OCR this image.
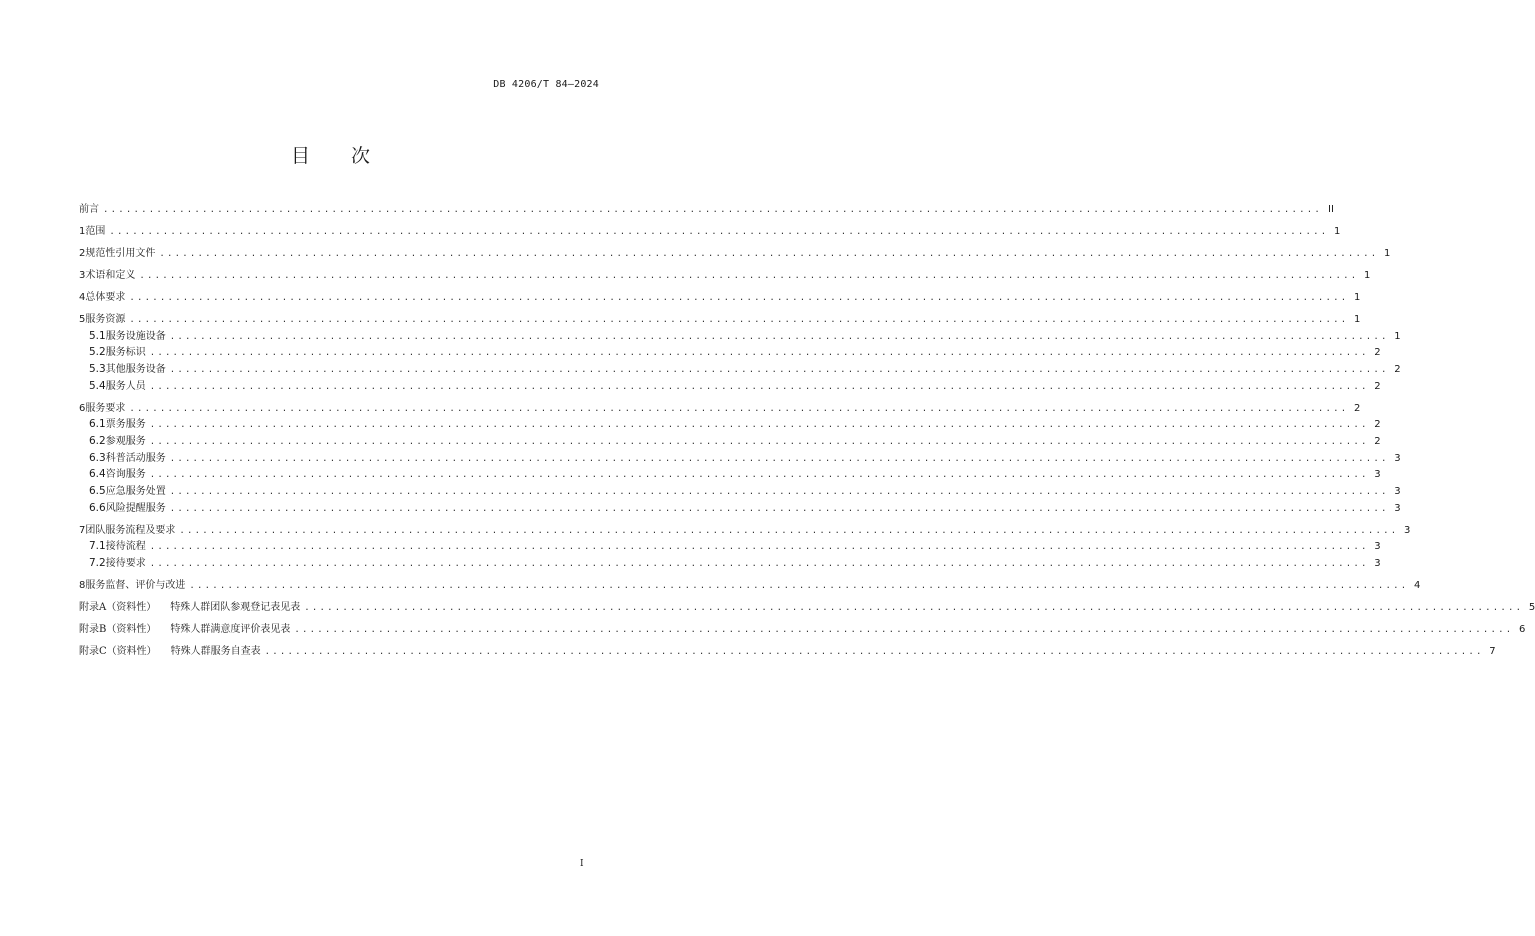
DB 4206/T 84—2024
目 次
前言 ................................................................................................................................................................ II
1 范围 ................................................................................................................................................................ 1
2 规范性引用文件 ................................................................................................................................................................ 1
3 术语和定义 ................................................................................................................................................................ 1
4 总体要求 ................................................................................................................................................................ 1
5 服务资源 ................................................................................................................................................................ 1
5.1 服务设施设备 ................................................................................................................................................................ 1
5.2 服务标识 ................................................................................................................................................................ 2
5.3 其他服务设备 ................................................................................................................................................................ 2
5.4 服务人员 ................................................................................................................................................................ 2
6 服务要求 ................................................................................................................................................................ 2
6.1 票务服务 ................................................................................................................................................................ 2
6.2 参观服务 ................................................................................................................................................................ 2
6.3 科普活动服务 ................................................................................................................................................................ 3
6.4 咨询服务 ................................................................................................................................................................ 3
6.5 应急服务处置 ................................................................................................................................................................ 3
6.6 风险提醒服务 ................................................................................................................................................................ 3
7 团队服务流程及要求 ................................................................................................................................................................ 3
7.1 接待流程 ................................................................................................................................................................ 3
7.2 接待要求 ................................................................................................................................................................ 3
8 服务监督、评价与改进 ................................................................................................................................................................ 4
附录A（资料性） 特殊人群团队参观登记表见表 ................................................................................................................................................................ 5
附录B（资料性） 特殊人群满意度评价表见表 ................................................................................................................................................................ 6
附录C（资料性） 特殊人群服务自查表 ................................................................................................................................................................ 7
I
